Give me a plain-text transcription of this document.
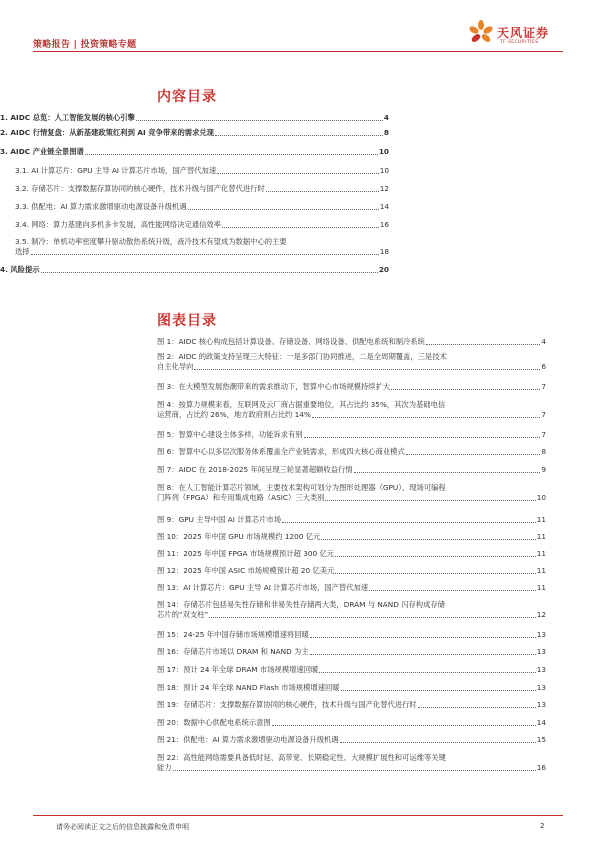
策略报告 | 投资策略专题
天风证券
TF SECURITIES
内容目录
1. AIDC 总览：人工智能发展的核心引擎	4
2. AIDC 行情复盘：从新基建政策红利到 AI 竞争带来的需求兑现	8
3. AIDC 产业链全景图谱	10
3.1. AI 计算芯片：GPU 主导 AI 计算芯片市场，国产替代加速	10
3.2. 存储芯片：支撑数据存算协同的核心硬件，技术升级与国产化替代进行时	12
3.3. 供配电：AI 算力需求激增驱动电源设备升级机遇	14
3.4. 网络：算力基建向多机多卡发展，高性能网络决定通信效率	16
3.5. 制冷：单机功率密度攀升驱动散热系统升级，液冷技术有望成为数据中心的主要
选择	18
4. 风险提示	20
图表目录
图 1：AIDC 核心构成包括计算设备、存储设备、网络设备、供配电系统和制冷系统	4
图 2：AIDC 的政策支持呈现三大特征：一是多部门协同推进，二是全周期覆盖，三是技术
自主化导向	6
图 3：在大模型发展热潮带来的需求推动下，智算中心市场规模持续扩大	7
图 4：按算力规模来看，互联网及云厂商占据重要地位，其占比约 35%，其次为基础电信
运营商，占比约 26%，地方政府则占比约 14%	7
图 5：智算中心建设主体多样，功能诉求有别	7
图 6：智算中心以多层次服务体系覆盖全产业链需求，形成四大核心商业模式	8
图 7：AIDC 在 2018-2025 年间呈现三轮显著超额收益行情	9
图 8：在人工智能计算芯片领域，主要技术架构可划分为图形处理器（GPU）、现场可编程
门阵列（FPGA）和专用集成电路（ASIC）三大类别	10
图 9：GPU 主导中国 AI 计算芯片市场	11
图 10：2025 年中国 GPU 市场规模约 1200 亿元	11
图 11：2025 年中国 FPGA 市场规模预计超 300 亿元	11
图 12：2025 年中国 ASIC 市场规模预计超 20 亿美元	11
图 13：AI 计算芯片：GPU 主导 AI 计算芯片市场，国产替代加速	11
图 14：存储芯片包括易失性存储和非易失性存储两大类，DRAM 与 NAND 闪存构成存储
芯片的“双支柱”	12
图 15：24-25 年中国存储市场规模增速将回暖	13
图 16：存储芯片市场以 DRAM 和 NAND 为主	13
图 17：预计 24 年全球 DRAM 市场规模增速回暖	13
图 18：预计 24 年全球 NAND Flash 市场规模增速回暖	13
图 19：存储芯片：支撑数据存算协同的核心硬件，技术升级与国产化替代进行时	13
图 20：数据中心供配电系统示意图	14
图 21：供配电：AI 算力需求激增驱动电源设备升级机遇	15
图 22：高性能网络需要具备低时延、高带宽、长期稳定性、大规模扩展性和可运维等关键
能力	16
请务必阅读正文之后的信息披露和免责申明	2
